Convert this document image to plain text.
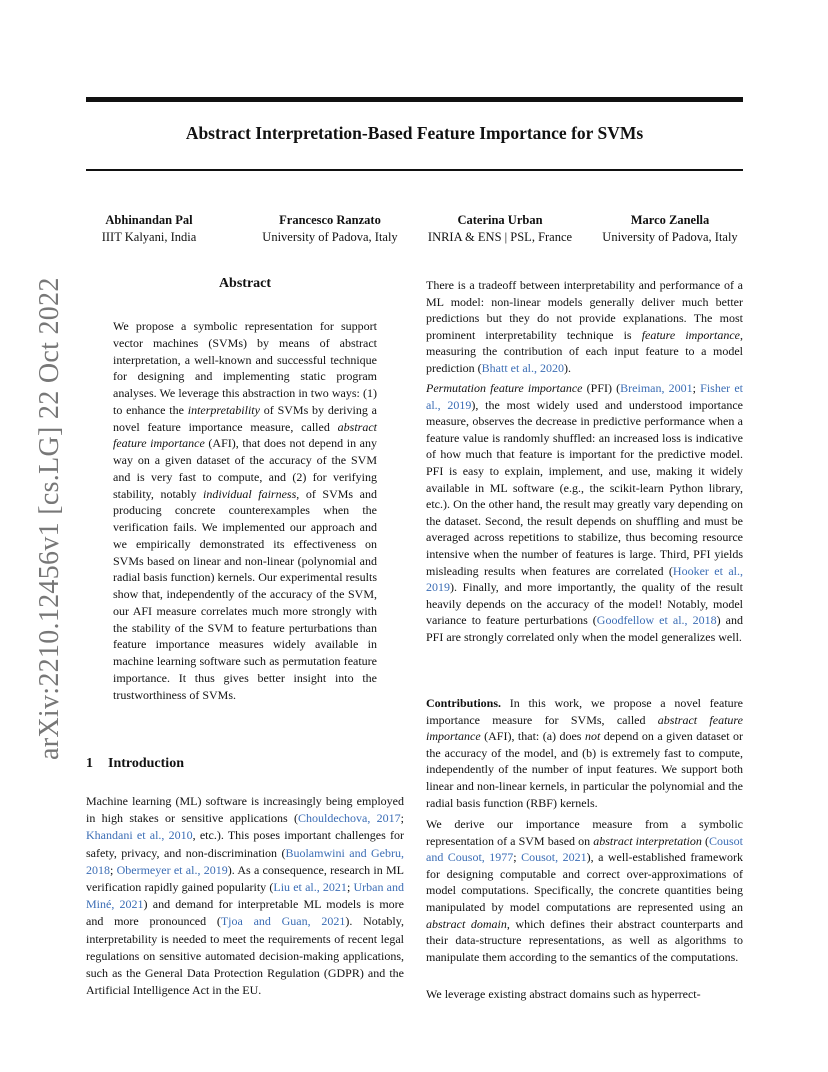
Abstract Interpretation-Based Feature Importance for SVMs
arXiv:2210.12456v1 [cs.LG] 22 Oct 2022
Abhinandan Pal
IIIT Kalyani, India
Francesco Ranzato
University of Padova, Italy
Caterina Urban
INRIA & ENS | PSL, France
Marco Zanella
University of Padova, Italy
Abstract

We propose a symbolic representation for support vector machines (SVMs) by means of abstract interpretation, a well-known and successful technique for designing and implementing static program analyses. We leverage this abstraction in two ways: (1) to enhance the interpretability of SVMs by deriving a novel feature importance measure, called abstract feature importance (AFI), that does not depend in any way on a given dataset of the accuracy of the SVM and is very fast to compute, and (2) for verifying stability, notably individual fairness, of SVMs and producing concrete counterexamples when the verification fails. We implemented our approach and we empirically demonstrated its effectiveness on SVMs based on linear and non-linear (polynomial and radial basis function) kernels. Our experimental results show that, independently of the accuracy of the SVM, our AFI measure correlates much more strongly with the stability of the SVM to feature perturbations than feature importance measures widely available in machine learning software such as permutation feature importance. It thus gives better insight into the trustworthiness of SVMs.

1 Introduction

Machine learning (ML) software is increasingly being employed in high stakes or sensitive applications (Chouldechova, 2017; Khandani et al., 2010, etc.). This poses important challenges for safety, privacy, and non-discrimination (Buolamwini and Gebru, 2018; Obermeyer et al., 2019). As a consequence, research in ML verification rapidly gained popularity (Liu et al., 2021; Urban and Miné, 2021) and demand for interpretable ML models is more and more pronounced (Tjoa and Guan, 2021). Notably, interpretability is needed to meet the requirements of recent legal regulations on sensitive automated decision-making applications, such as the General Data Protection Regulation (GDPR) and the Artificial Intelligence Act in the EU.

There is a tradeoff between interpretability and performance of a ML model: non-linear models generally deliver much better predictions but they do not provide explanations. The most prominent interpretability technique is feature importance, measuring the contribution of each input feature to a model prediction (Bhatt et al., 2020).

Permutation feature importance (PFI) (Breiman, 2001; Fisher et al., 2019), the most widely used and understood importance measure, observes the decrease in predictive performance when a feature value is randomly shuffled: an increased loss is indicative of how much that feature is important for the predictive model. PFI is easy to explain, implement, and use, making it widely available in ML software (e.g., the scikit-learn Python library, etc.). On the other hand, the result may greatly vary depending on the dataset. Second, the result depends on shuffling and must be averaged across repetitions to stabilize, thus becoming resource intensive when the number of features is large. Third, PFI yields misleading results when features are correlated (Hooker et al., 2019). Finally, and more importantly, the quality of the result heavily depends on the accuracy of the model! Notably, model variance to feature perturbations (Goodfellow et al., 2018) and PFI are strongly correlated only when the model generalizes well.

Contributions. In this work, we propose a novel feature importance measure for SVMs, called abstract feature importance (AFI), that: (a) does not depend on a given dataset or the accuracy of the model, and (b) is extremely fast to compute, independently of the number of input features. We support both linear and non-linear kernels, in particular the polynomial and the radial basis function (RBF) kernels.

We derive our importance measure from a symbolic representation of a SVM based on abstract interpretation (Cousot and Cousot, 1977; Cousot, 2021), a well-established framework for designing computable and correct over-approximations of model computations. Specifically, the concrete quantities being manipulated by model computations are represented using an abstract domain, which defines their abstract counterparts and their data-structure representations, as well as algorithms to manipulate them according to the semantics of the computations.

We leverage existing abstract domains such as hyperrect-
